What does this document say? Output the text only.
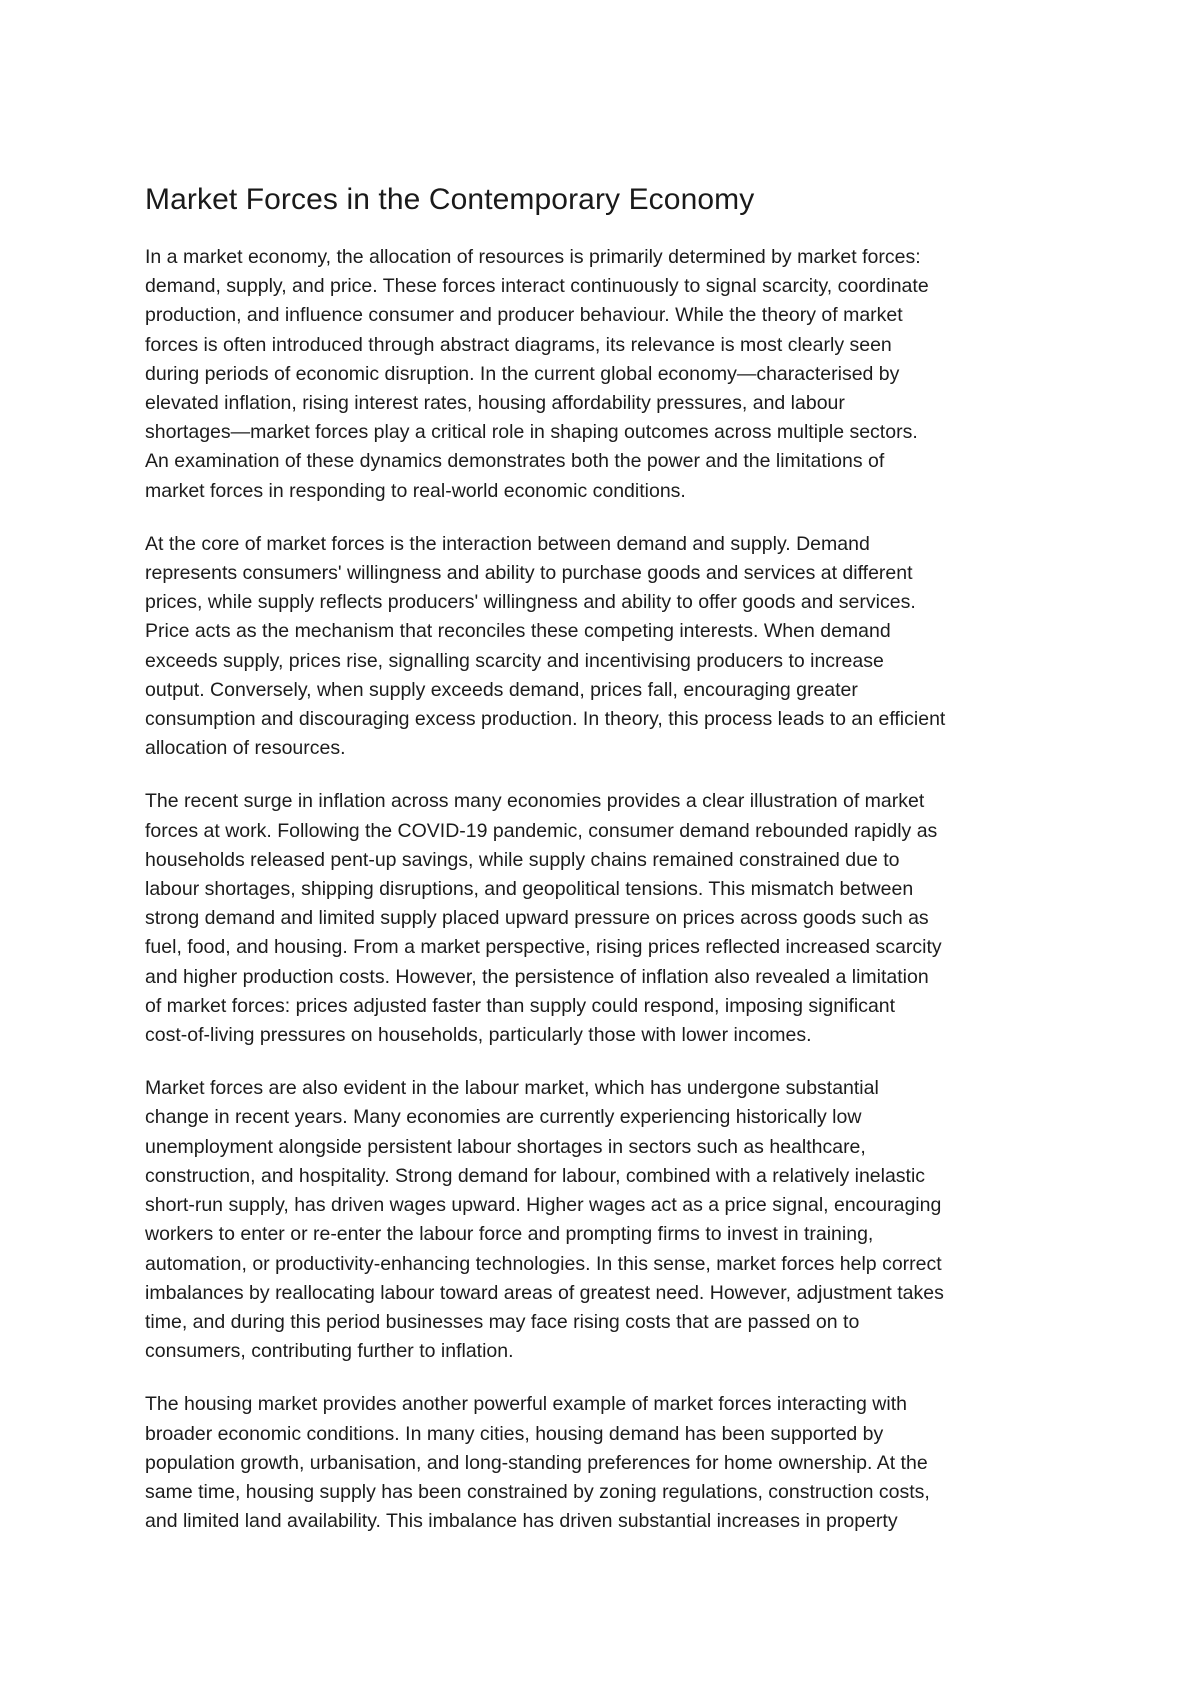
Market Forces in the Contemporary Economy

In a market economy, the allocation of resources is primarily determined by market forces:
demand, supply, and price. These forces interact continuously to signal scarcity, coordinate
production, and influence consumer and producer behaviour. While the theory of market
forces is often introduced through abstract diagrams, its relevance is most clearly seen
during periods of economic disruption. In the current global economy—characterised by
elevated inflation, rising interest rates, housing affordability pressures, and labour
shortages—market forces play a critical role in shaping outcomes across multiple sectors.
An examination of these dynamics demonstrates both the power and the limitations of
market forces in responding to real-world economic conditions.

At the core of market forces is the interaction between demand and supply. Demand
represents consumers' willingness and ability to purchase goods and services at different
prices, while supply reflects producers' willingness and ability to offer goods and services.
Price acts as the mechanism that reconciles these competing interests. When demand
exceeds supply, prices rise, signalling scarcity and incentivising producers to increase
output. Conversely, when supply exceeds demand, prices fall, encouraging greater
consumption and discouraging excess production. In theory, this process leads to an efficient
allocation of resources.

The recent surge in inflation across many economies provides a clear illustration of market
forces at work. Following the COVID-19 pandemic, consumer demand rebounded rapidly as
households released pent-up savings, while supply chains remained constrained due to
labour shortages, shipping disruptions, and geopolitical tensions. This mismatch between
strong demand and limited supply placed upward pressure on prices across goods such as
fuel, food, and housing. From a market perspective, rising prices reflected increased scarcity
and higher production costs. However, the persistence of inflation also revealed a limitation
of market forces: prices adjusted faster than supply could respond, imposing significant
cost-of-living pressures on households, particularly those with lower incomes.

Market forces are also evident in the labour market, which has undergone substantial
change in recent years. Many economies are currently experiencing historically low
unemployment alongside persistent labour shortages in sectors such as healthcare,
construction, and hospitality. Strong demand for labour, combined with a relatively inelastic
short-run supply, has driven wages upward. Higher wages act as a price signal, encouraging
workers to enter or re-enter the labour force and prompting firms to invest in training,
automation, or productivity-enhancing technologies. In this sense, market forces help correct
imbalances by reallocating labour toward areas of greatest need. However, adjustment takes
time, and during this period businesses may face rising costs that are passed on to
consumers, contributing further to inflation.

The housing market provides another powerful example of market forces interacting with
broader economic conditions. In many cities, housing demand has been supported by
population growth, urbanisation, and long-standing preferences for home ownership. At the
same time, housing supply has been constrained by zoning regulations, construction costs,
and limited land availability. This imbalance has driven substantial increases in property
